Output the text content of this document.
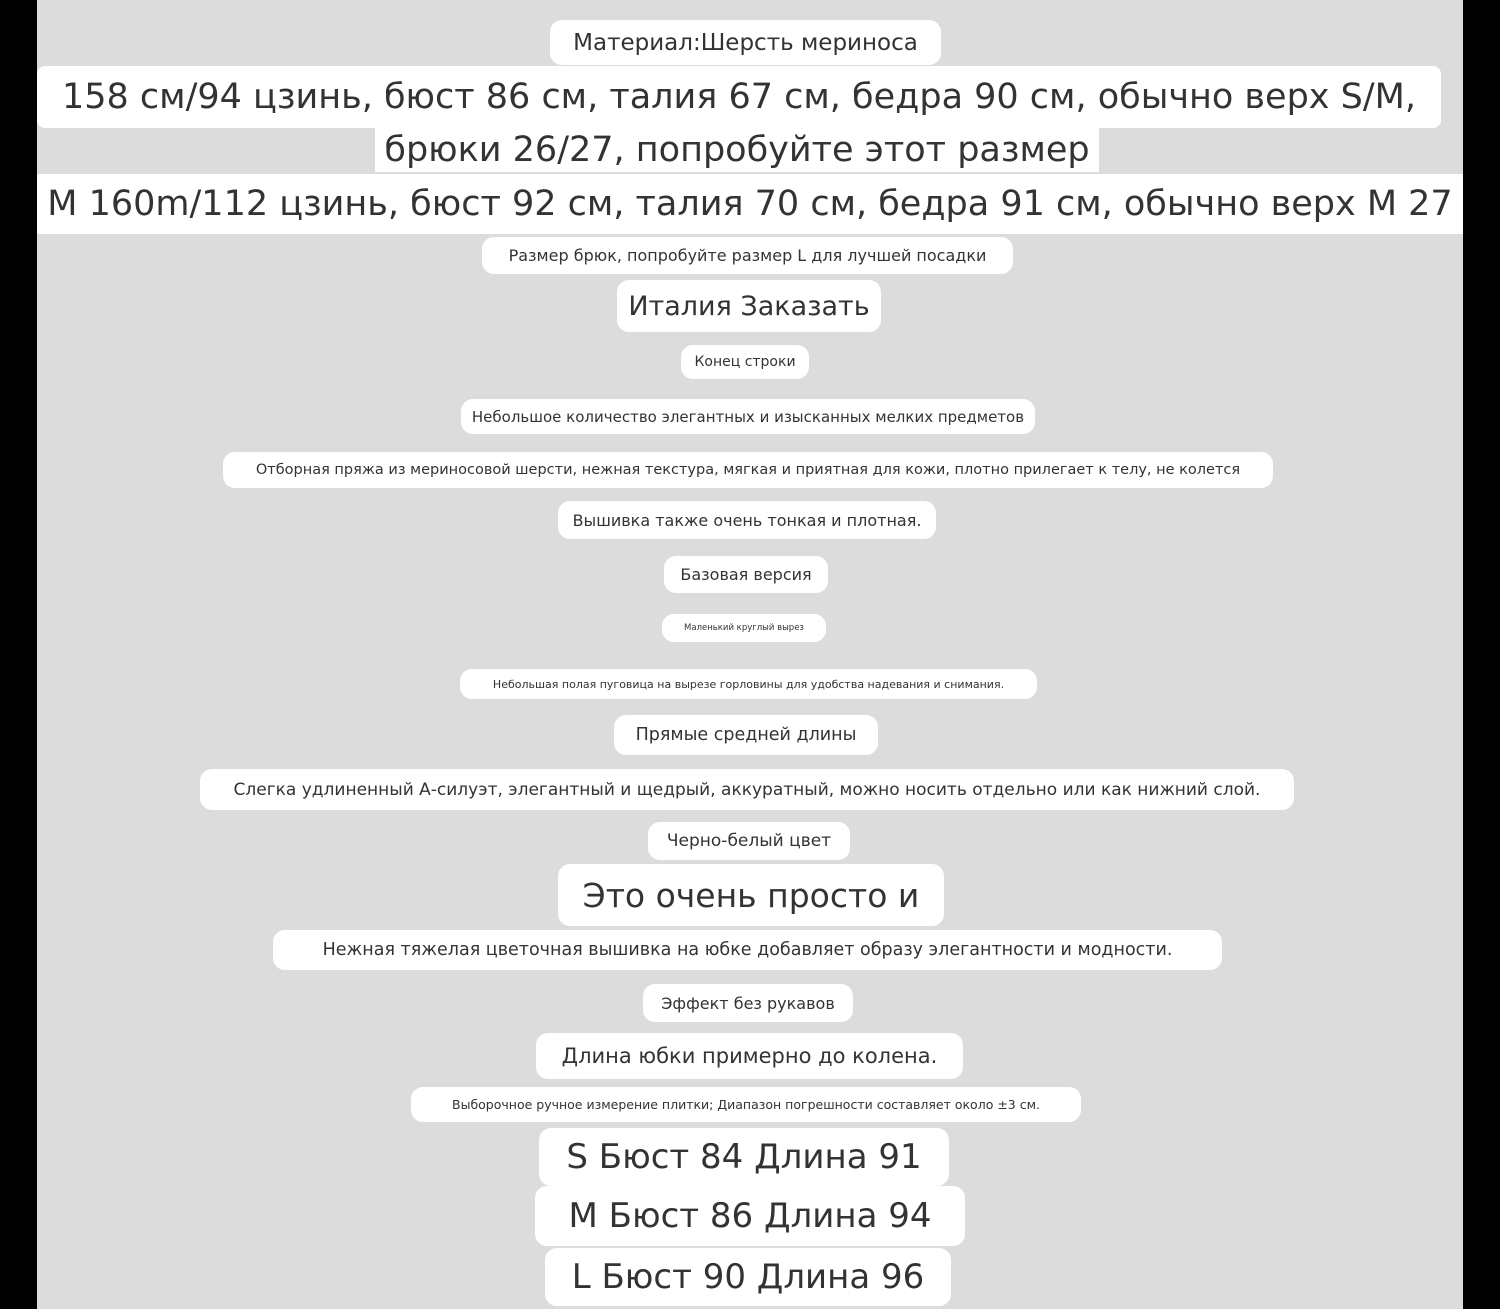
Материал:Шерсть мериноса
158 см/94 цзинь, бюст 86 см, талия 67 см, бедра 90 см, обычно верх S/M,
брюки 26/27, попробуйте этот размер
M 160m/112 цзинь, бюст 92 см, талия 70 см, бедра 91 см, обычно верх M 27
Размер брюк, попробуйте размер L для лучшей посадки
Италия Заказать
Конец строки
Небольшое количество элегантных и изысканных мелких предметов
Отборная пряжа из мериносовой шерсти, нежная текстура, мягкая и приятная для кожи, плотно прилегает к телу, не колется
Вышивка также очень тонкая и плотная.
Базовая версия
Маленький круглый вырез
Небольшая полая пуговица на вырезе горловины для удобства надевания и снимания.
Прямые средней длины
Слегка удлиненный А-силуэт, элегантный и щедрый, аккуратный, можно носить отдельно или как нижний слой.
Черно-белый цвет
Это очень просто и
Нежная тяжелая цветочная вышивка на юбке добавляет образу элегантности и модности.
Эффект без рукавов
Длина юбки примерно до колена.
Выборочное ручное измерение плитки; Диапазон погрешности составляет около ±3 см.
S Бюст 84 Длина 91
M Бюст 86 Длина 94
L Бюст 90 Длина 96
